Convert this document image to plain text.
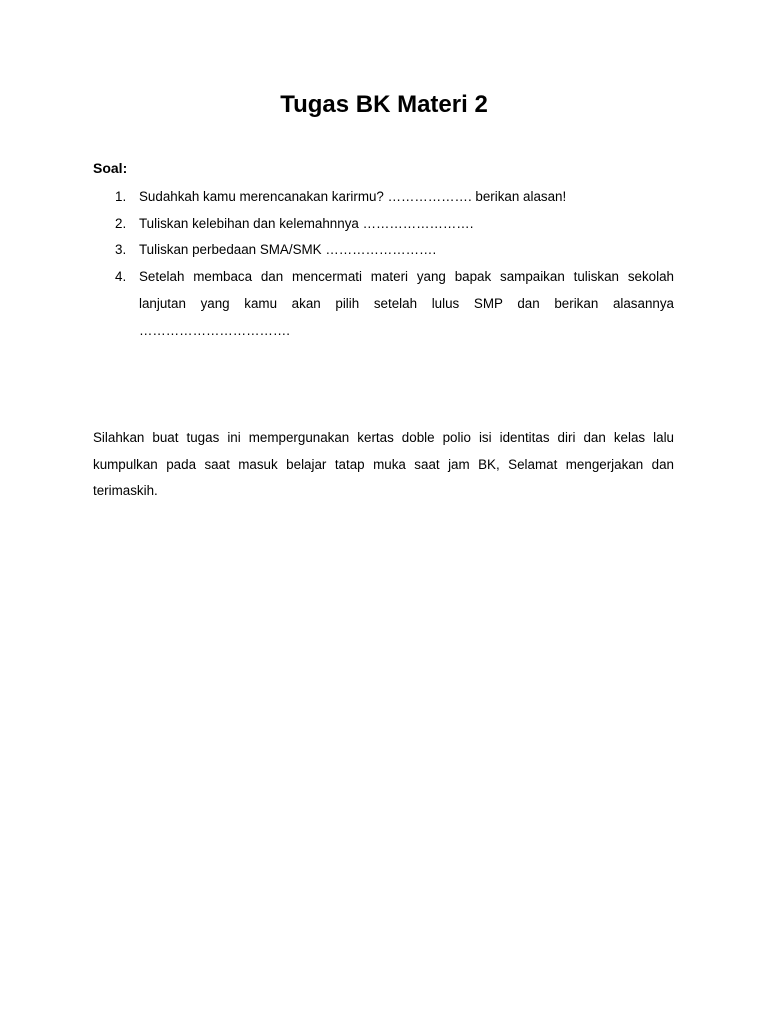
Tugas BK Materi 2

Soal:

1. Sudahkah kamu merencanakan karirmu? ………………. berikan alasan!
2. Tuliskan kelebihan dan kelemahnnya …………………….
3. Tuliskan perbedaan SMA/SMK …………………….
4. Setelah membaca dan mencermati materi yang bapak sampaikan tuliskan sekolah lanjutan yang kamu akan pilih setelah lulus SMP dan berikan alasannya …………………………….

Silahkan buat tugas ini mempergunakan kertas doble polio isi identitas diri dan kelas lalu kumpulkan pada saat masuk belajar tatap muka saat jam BK, Selamat mengerjakan dan terimaskih.
